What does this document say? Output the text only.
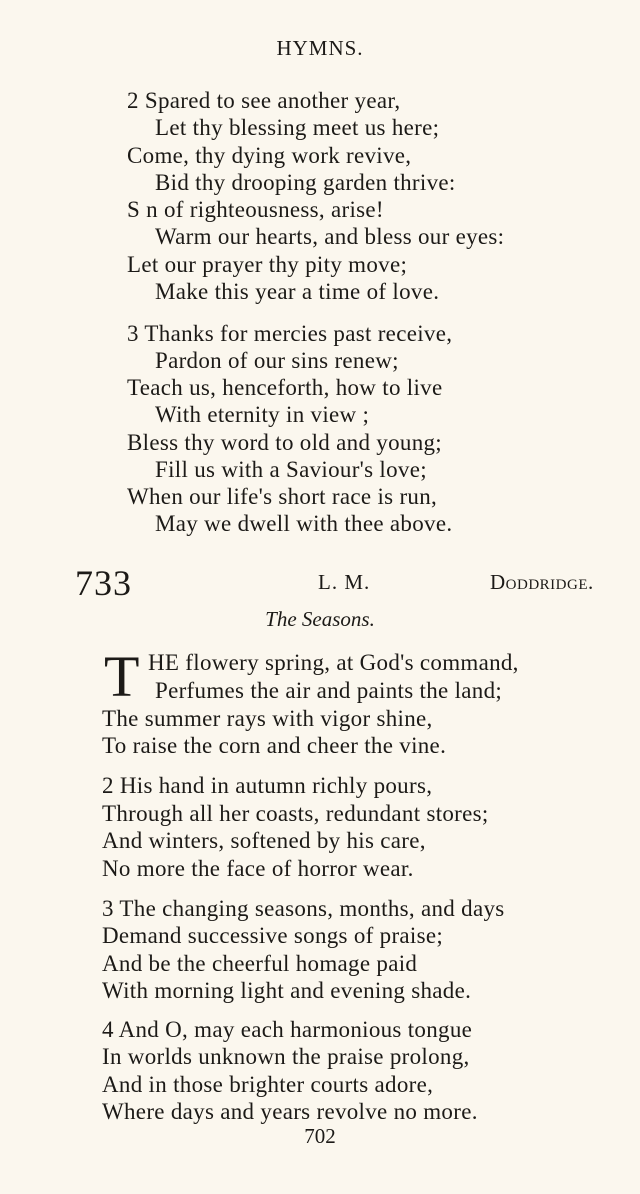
HYMNS.
2 Spared to see another year,
Let thy blessing meet us here;
Come, thy dying work revive,
Bid thy drooping garden thrive:
S n of righteousness, arise!
Warm our hearts, and bless our eyes:
Let our prayer thy pity move;
Make this year a time of love.
3 Thanks for mercies past receive,
Pardon of our sins renew;
Teach us, henceforth, how to live
With eternity in view ;
Bless thy word to old and young;
Fill us with a Saviour's love;
When our life's short race is run,
May we dwell with thee above.
733	L. M.	Doddridge.
The Seasons.
T HE flowery spring, at God's command,
Perfumes the air and paints the land;
The summer rays with vigor shine,
To raise the corn and cheer the vine.
2 His hand in autumn richly pours,
Through all her coasts, redundant stores;
And winters, softened by his care,
No more the face of horror wear.
3 The changing seasons, months, and days
Demand successive songs of praise;
And be the cheerful homage paid
With morning light and evening shade.
4 And O, may each harmonious tongue
In worlds unknown the praise prolong,
And in those brighter courts adore,
Where days and years revolve no more.
702
